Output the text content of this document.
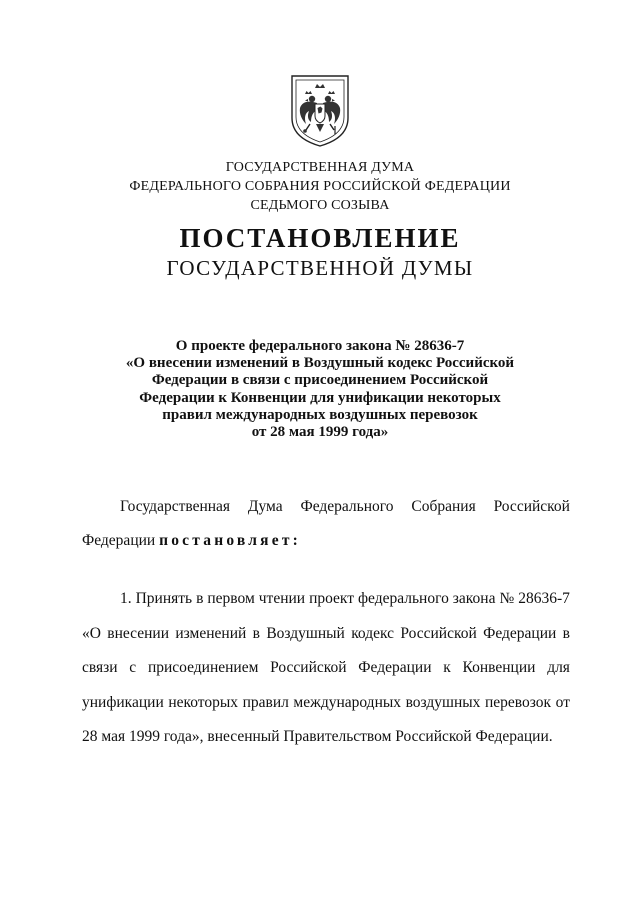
ГОСУДАРСТВЕННАЯ ДУМА
ФЕДЕРАЛЬНОГО СОБРАНИЯ РОССИЙСКОЙ ФЕДЕРАЦИИ
СЕДЬМОГО СОЗЫВА
ПОСТАНОВЛЕНИЕ
ГОСУДАРСТВЕННОЙ ДУМЫ
О проекте федерального закона № 28636-7
«О внесении изменений в Воздушный кодекс Российской
Федерации в связи с присоединением Российской
Федерации к Конвенции для унификации некоторых
правил международных воздушных перевозок
от 28 мая 1999 года»
Государственная Дума Федерального Собрания Российской
Федерации постановляет:
1. Принять в первом чтении проект федерального закона № 28636-7
«О внесении изменений в Воздушный кодекс Российской Федерации в
связи с присоединением Российской Федерации к Конвенции для
унификации некоторых правил международных воздушных перевозок от
28 мая 1999 года», внесенный Правительством Российской Федерации.
